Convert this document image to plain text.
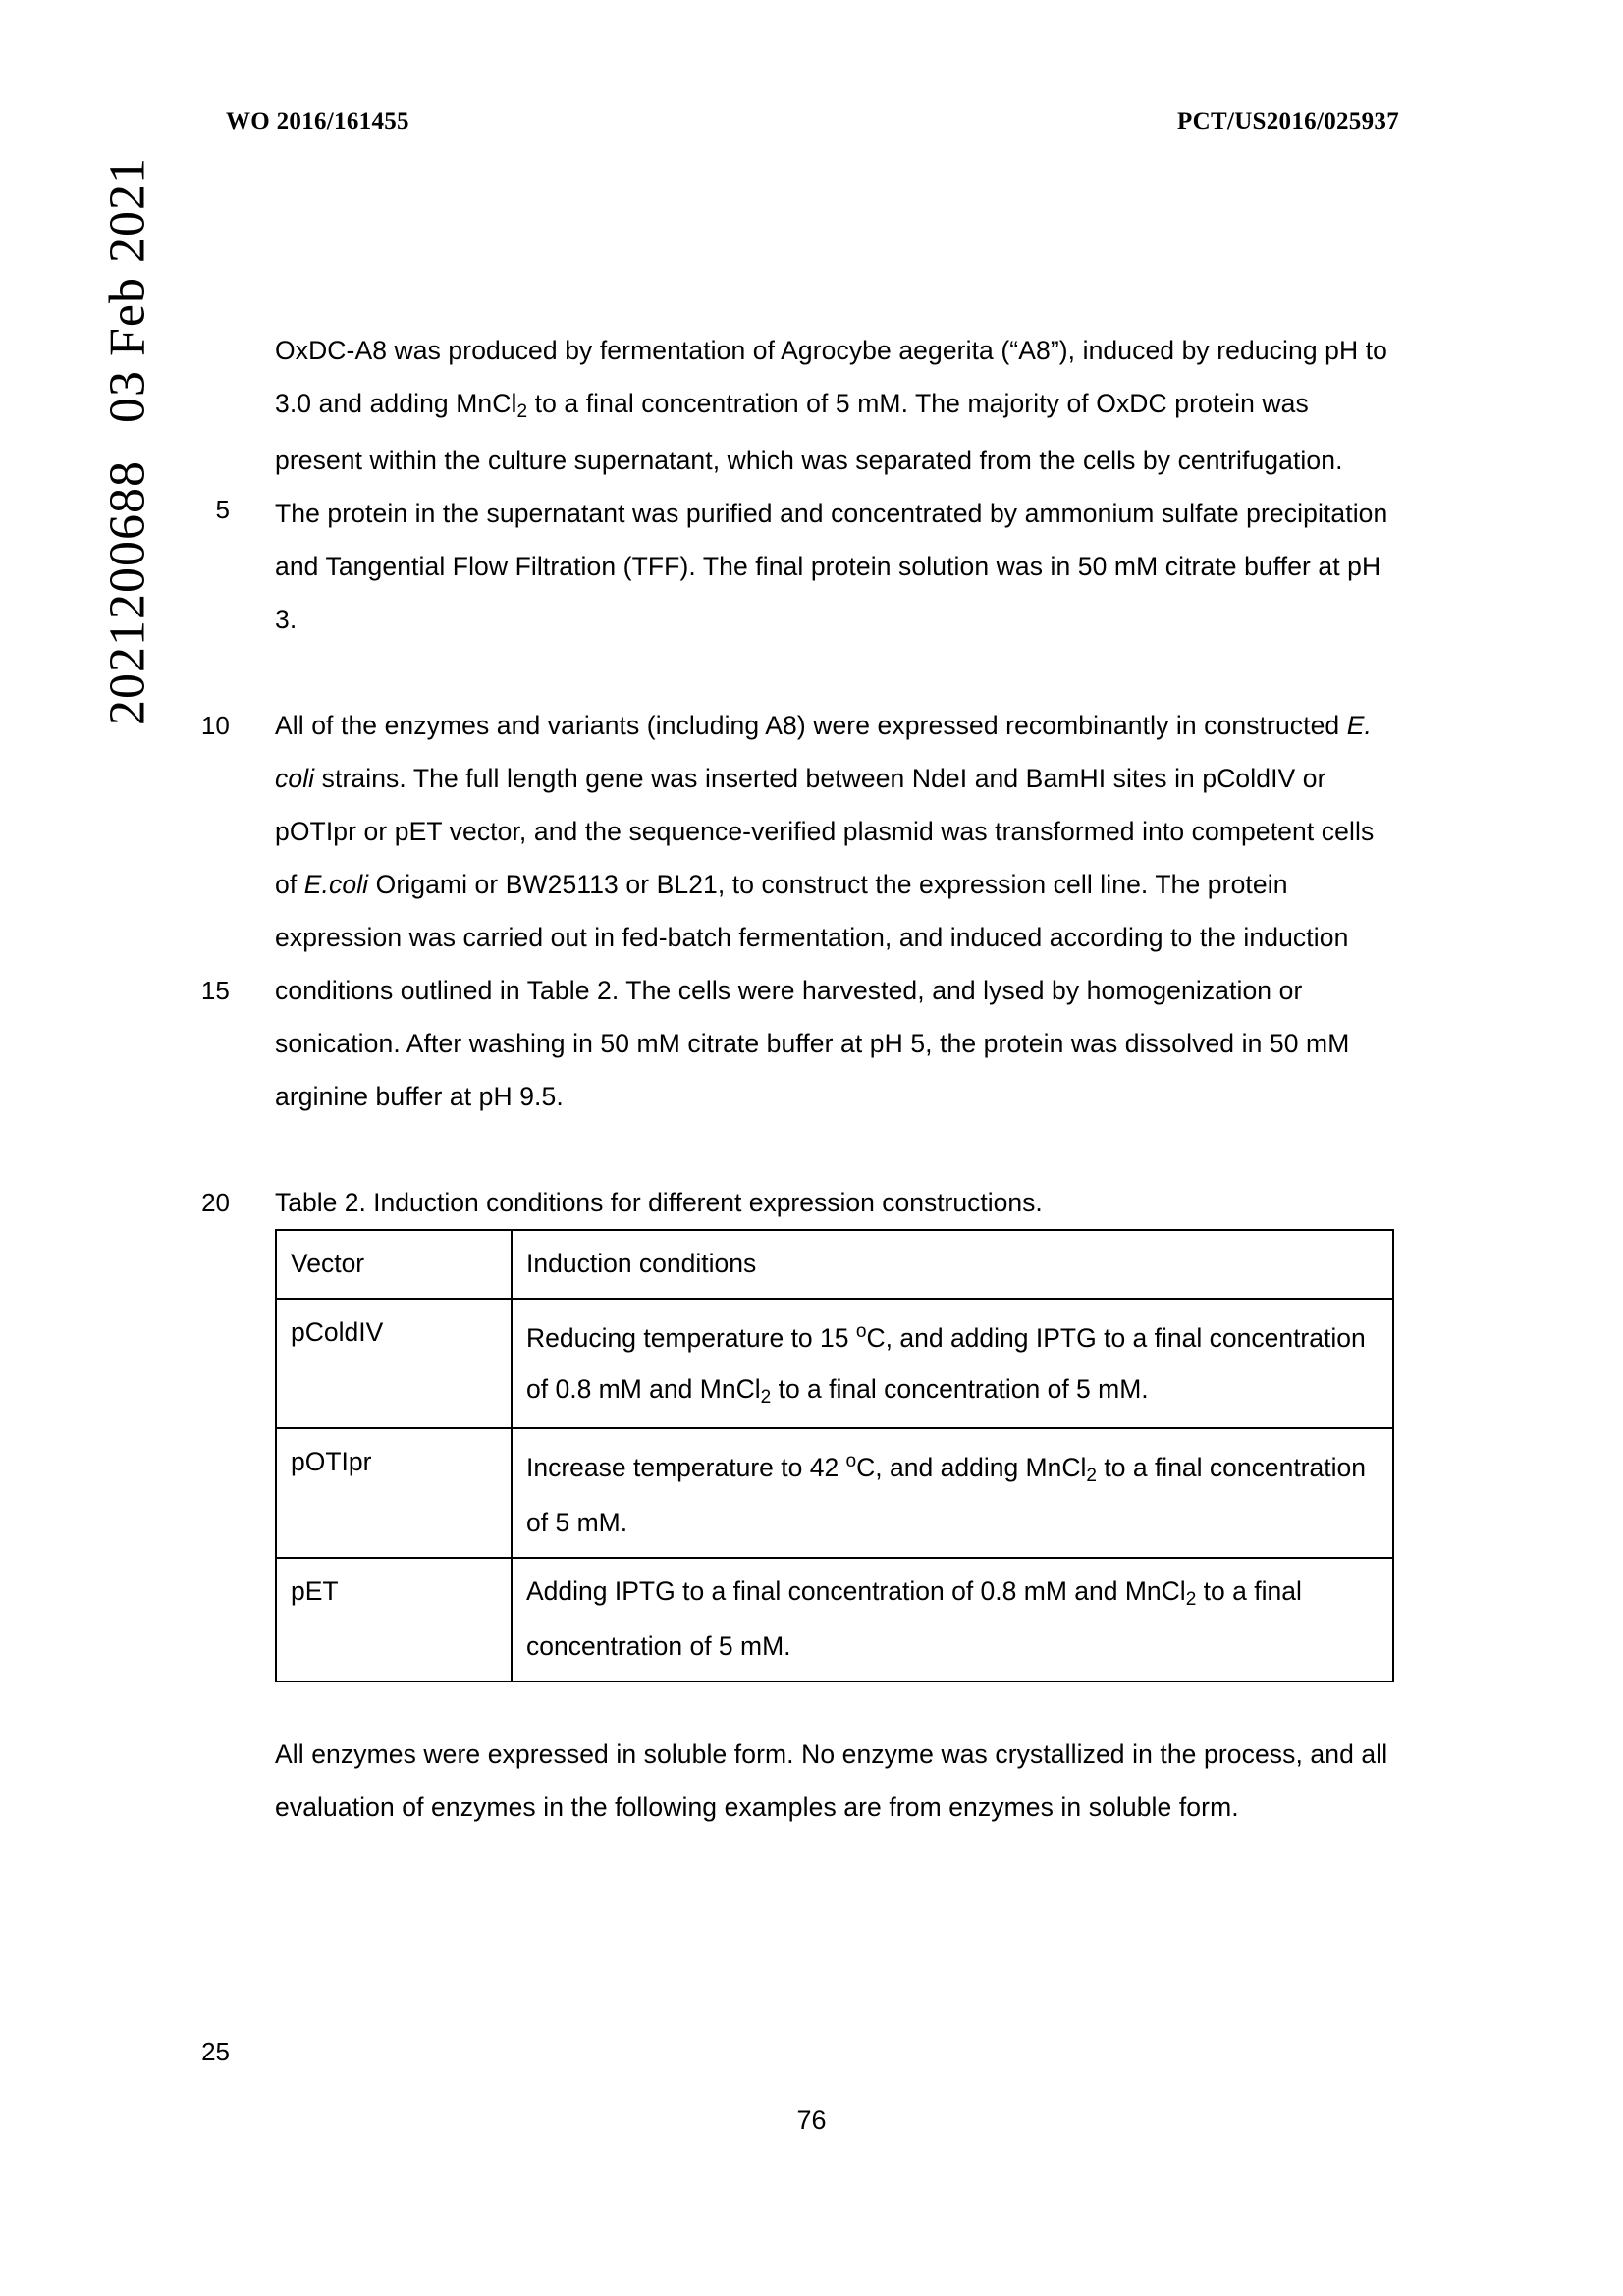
WO 2016/161455	PCT/US2016/025937
202120068803 Feb 2021

5
OxDC-A8 was produced by fermentation of Agrocybe aegerita (“A8”), induced by reducing pH to 3.0 and adding MnCl$_2$ to a final concentration of 5 mM. The majority of OxDC protein was present within the culture supernatant, which was separated from the cells by centrifugation. The protein in the supernatant was purified and concentrated by ammonium sulfate precipitation and Tangential Flow Filtration (TFF). The final protein solution was in 50 mM citrate buffer at pH 3.

10
15
All of the enzymes and variants (including A8) were expressed recombinantly in constructed E. coli strains. The full length gene was inserted between NdeI and BamHI sites in pColdIV or pOTIpr or pET vector, and the sequence-verified plasmid was transformed into competent cells of E.coli Origami or BW25113 or BL21, to construct the expression cell line. The protein expression was carried out in fed-batch fermentation, and induced according to the induction conditions outlined in Table 2. The cells were harvested, and lysed by homogenization or sonication. After washing in 50 mM citrate buffer at pH 5, the protein was dissolved in 50 mM arginine buffer at pH 9.5.

20 Table 2. Induction conditions for different expression constructions.
Vector	Induction conditions
pColdIV	Reducing temperature to 15 $^o$C, and adding IPTG to a final concentration of 0.8 mM and MnCl$_2$ to a final concentration of 5 mM.
pOTIpr	Increase temperature to 42 $^o$C, and adding MnCl$_2$ to a final concentration of 5 mM.
pET	Adding IPTG to a final concentration of 0.8 mM and MnCl$_2$ to a final concentration of 5 mM.

All enzymes were expressed in soluble form. No enzyme was crystallized in the process, and all evaluation of enzymes in the following examples are from enzymes in soluble form.

25
76
